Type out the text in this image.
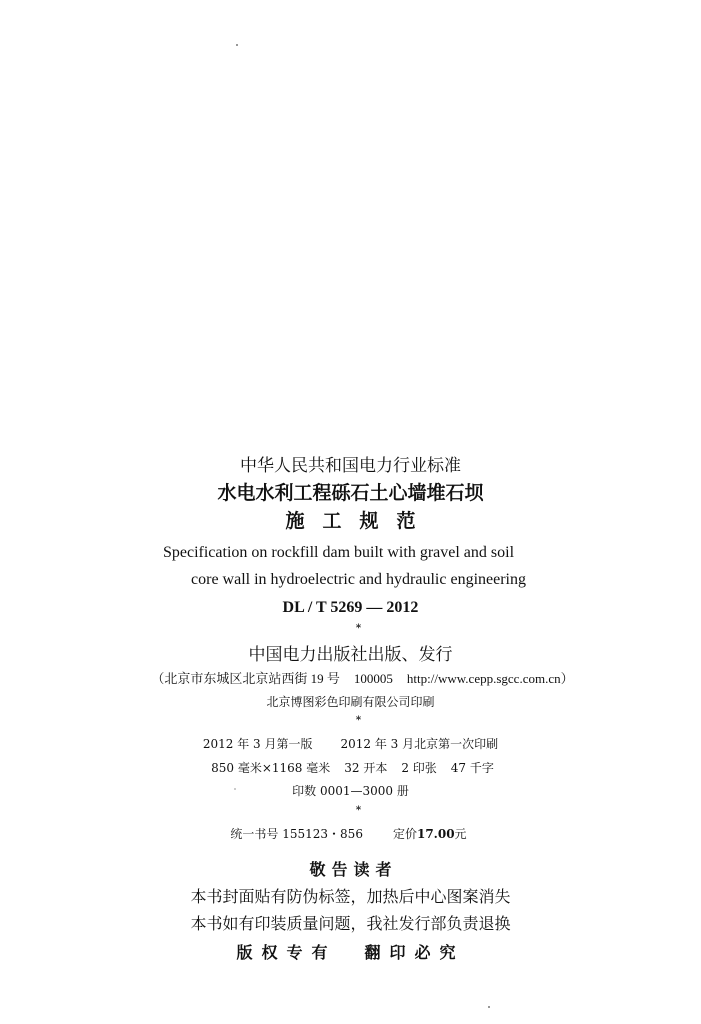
中华人民共和国电力行业标准
水电水利工程砾石土心墙堆石坝
施工规范
Specification on rockfill dam built with gravel and soil
core wall in hydroelectric and hydraulic engineering
DL / T 5269 — 2012
*
中国电力出版社出版、发行
（北京市东城区北京站西街 19 号 100005 http://www.cepp.sgcc.com.cn）
北京博图彩色印刷有限公司印刷
*
2012 年 3 月第一版 2012 年 3 月北京第一次印刷
850 毫米×1168 毫米 32 开本 2 印张 47 千字
印数 0001—3000 册
*
统一书号 155123・856	定价17.00元
敬告读者
本书封面贴有防伪标签，加热后中心图案消失
本书如有印装质量问题，我社发行部负责退换
版权专有 翻印必究
